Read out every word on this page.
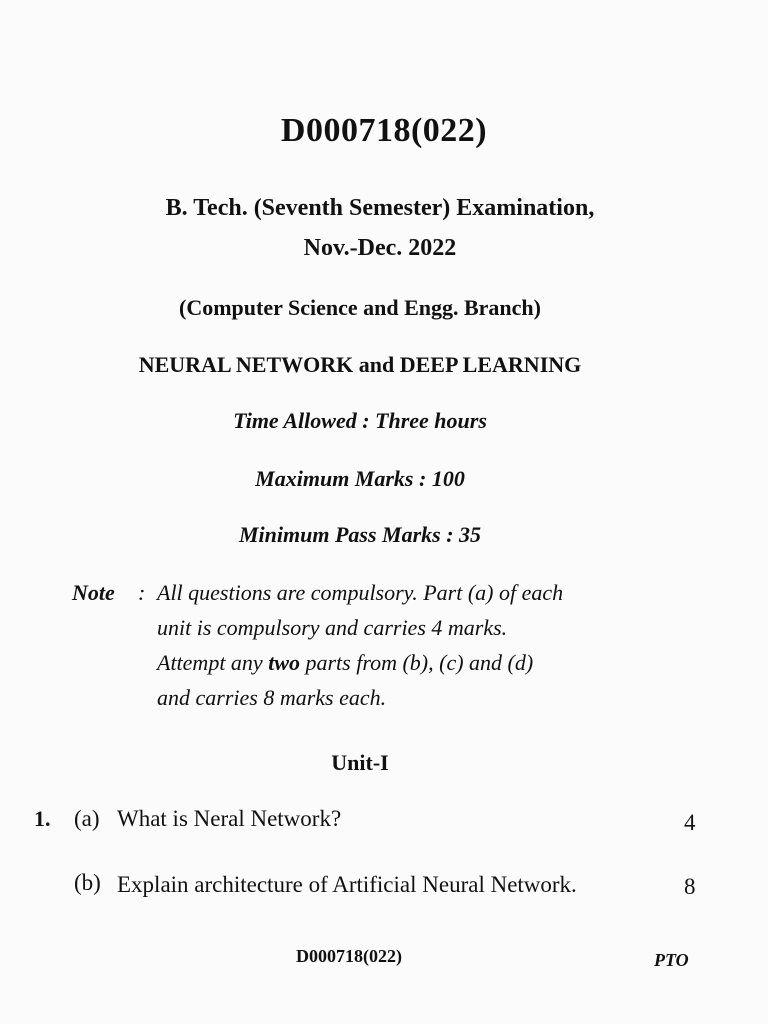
D000718(022)
B. Tech. (Seventh Semester) Examination,
Nov.-Dec. 2022
(Computer Science and Engg. Branch)
NEURAL NETWORK and DEEP LEARNING
Time Allowed : Three hours
Maximum Marks : 100
Minimum Pass Marks : 35
Note : All questions are compulsory. Part (a) of each
unit is compulsory and carries 4 marks.
Attempt any two parts from (b), (c) and (d)
and carries 8 marks each.
Unit-I
1. (a) What is Neral Network?	4
(b) Explain architecture of Artificial Neural Network.	8
D000718(022)	PTO
